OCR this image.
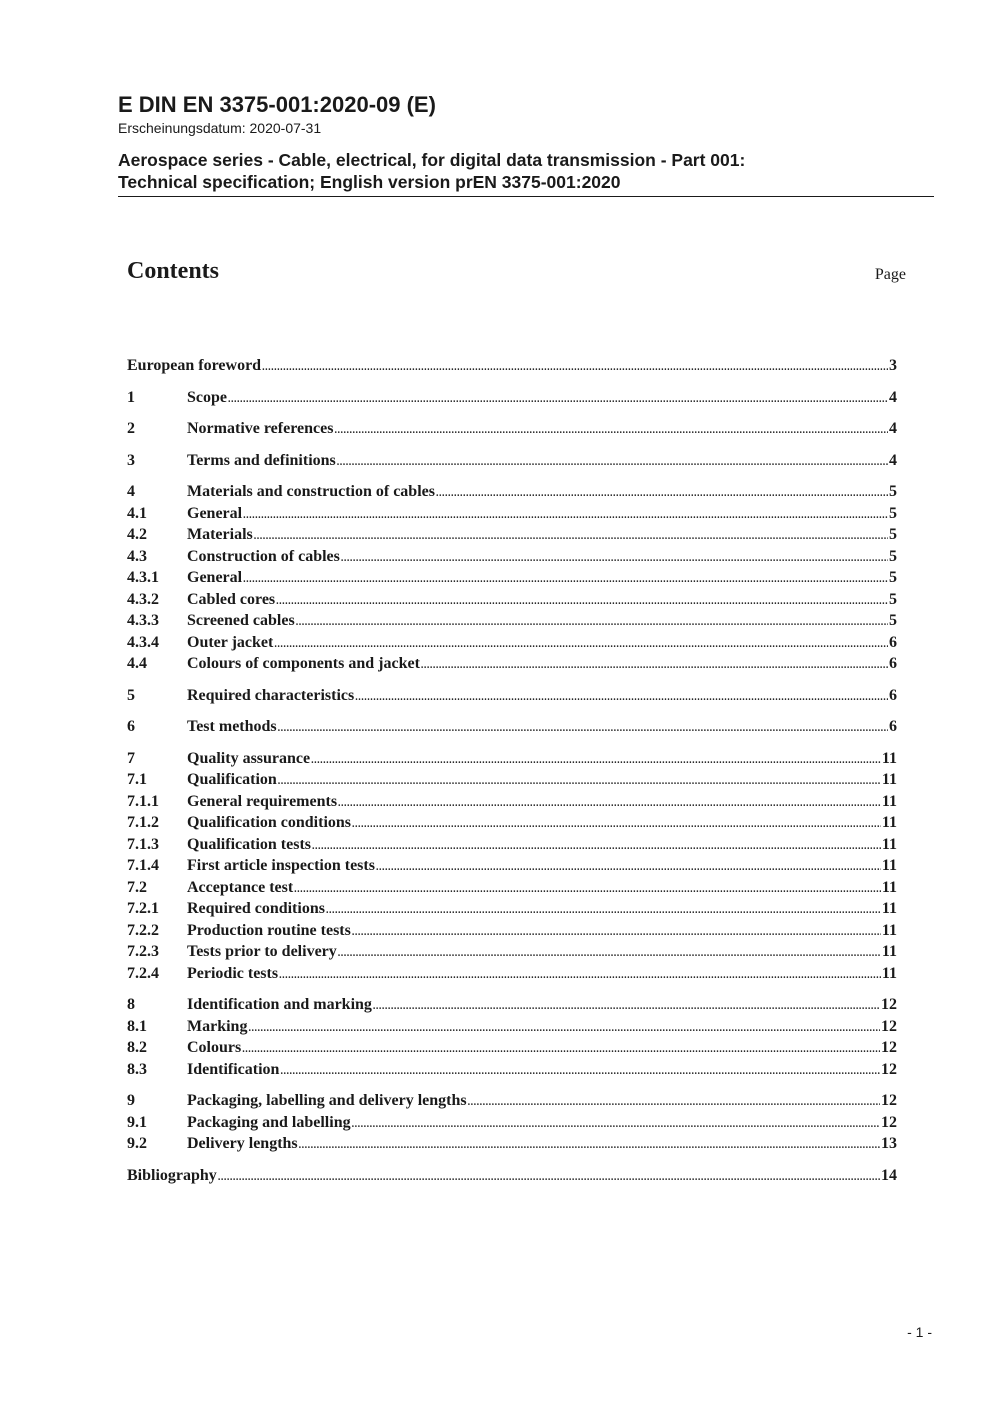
E DIN EN 3375-001:2020-09 (E)
Erscheinungsdatum: 2020-07-31
Aerospace series - Cable, electrical, for digital data transmission - Part 001:
Technical specification; English version prEN 3375-001:2020
Contents	Page
European foreword .....	3
1	Scope .....	4
2	Normative references .....	4
3	Terms and definitions .....	4
4	Materials and construction of cables .....	5
4.1	General .....	5
4.2	Materials .....	5
4.3	Construction of cables .....	5
4.3.1	General .....	5
4.3.2	Cabled cores .....	5
4.3.3	Screened cables .....	5
4.3.4	Outer jacket .....	6
4.4	Colours of components and jacket .....	6
5	Required characteristics .....	6
6	Test methods .....	6
7	Quality assurance .....	11
7.1	Qualification .....	11
7.1.1	General requirements .....	11
7.1.2	Qualification conditions .....	11
7.1.3	Qualification tests .....	11
7.1.4	First article inspection tests .....	11
7.2	Acceptance test .....	11
7.2.1	Required conditions .....	11
7.2.2	Production routine tests .....	11
7.2.3	Tests prior to delivery .....	11
7.2.4	Periodic tests .....	11
8	Identification and marking .....	12
8.1	Marking .....	12
8.2	Colours .....	12
8.3	Identification .....	12
9	Packaging, labelling and delivery lengths .....	12
9.1	Packaging and labelling .....	12
9.2	Delivery lengths .....	13
Bibliography .....	14
- 1 -
